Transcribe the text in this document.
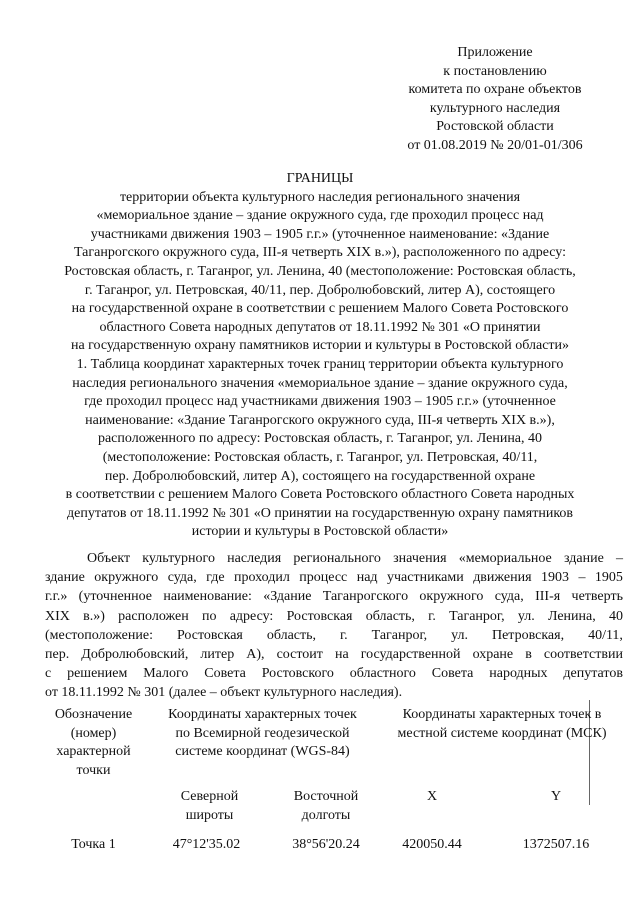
Приложение
к постановлению
комитета по охране объектов
культурного наследия
Ростовской области
от 01.08.2019 № 20/01-01/306
ГРАНИЦЫ
территории объекта культурного наследия регионального значения
«мемориальное здание – здание окружного суда, где проходил процесс над
участниками движения 1903 – 1905 г.г.» (уточненное наименование: «Здание
Таганрогского окружного суда, III-я четверть XIX в.»), расположенного по адресу:
Ростовская область, г. Таганрог, ул. Ленина, 40 (местоположение: Ростовская область,
г. Таганрог, ул. Петровская, 40/11, пер. Добролюбовский, литер А), состоящего
на государственной охране в соответствии с решением Малого Совета Ростовского
областного Совета народных депутатов от 18.11.1992 № 301 «О принятии
на государственную охрану памятников истории и культуры в Ростовской области»
1. Таблица координат характерных точек границ территории объекта культурного
наследия регионального значения «мемориальное здание – здание окружного суда,
где проходил процесс над участниками движения 1903 – 1905 г.г.» (уточненное
наименование: «Здание Таганрогского окружного суда, III-я четверть XIX в.»),
расположенного по адресу: Ростовская область, г. Таганрог, ул. Ленина, 40
(местоположение: Ростовская область, г. Таганрог, ул. Петровская, 40/11,
пер. Добролюбовский, литер А), состоящего на государственной охране
в соответствии с решением Малого Совета Ростовского областного Совета народных
депутатов от 18.11.1992 № 301 «О принятии на государственную охрану памятников
истории и культуры в Ростовской области»
Объект культурного наследия регионального значения «мемориальное здание –
здание окружного суда, где проходил процесс над участниками движения 1903 – 1905
г.г.» (уточненное наименование: «Здание Таганрогского окружного суда, III-я четверть
XIX в.») расположен по адресу: Ростовская область, г. Таганрог, ул. Ленина, 40
(местоположение: Ростовская область, г. Таганрог, ул. Петровская, 40/11,
пер. Добролюбовский, литер А), состоит на государственной охране в соответствии
с решением Малого Совета Ростовского областного Совета народных депутатов
от 18.11.1992 № 301 (далее – объект культурного наследия).
Обозначение (номер) характерной точки	Координаты характерных точек по Всемирной геодезической системе координат (WGS-84)		Координаты характерных точек в местной системе координат (МСК)	
	Северной широты	Восточной долготы	X	Y
Точка 1	47°12'35.02	38°56'20.24	420050.44	1372507.16
